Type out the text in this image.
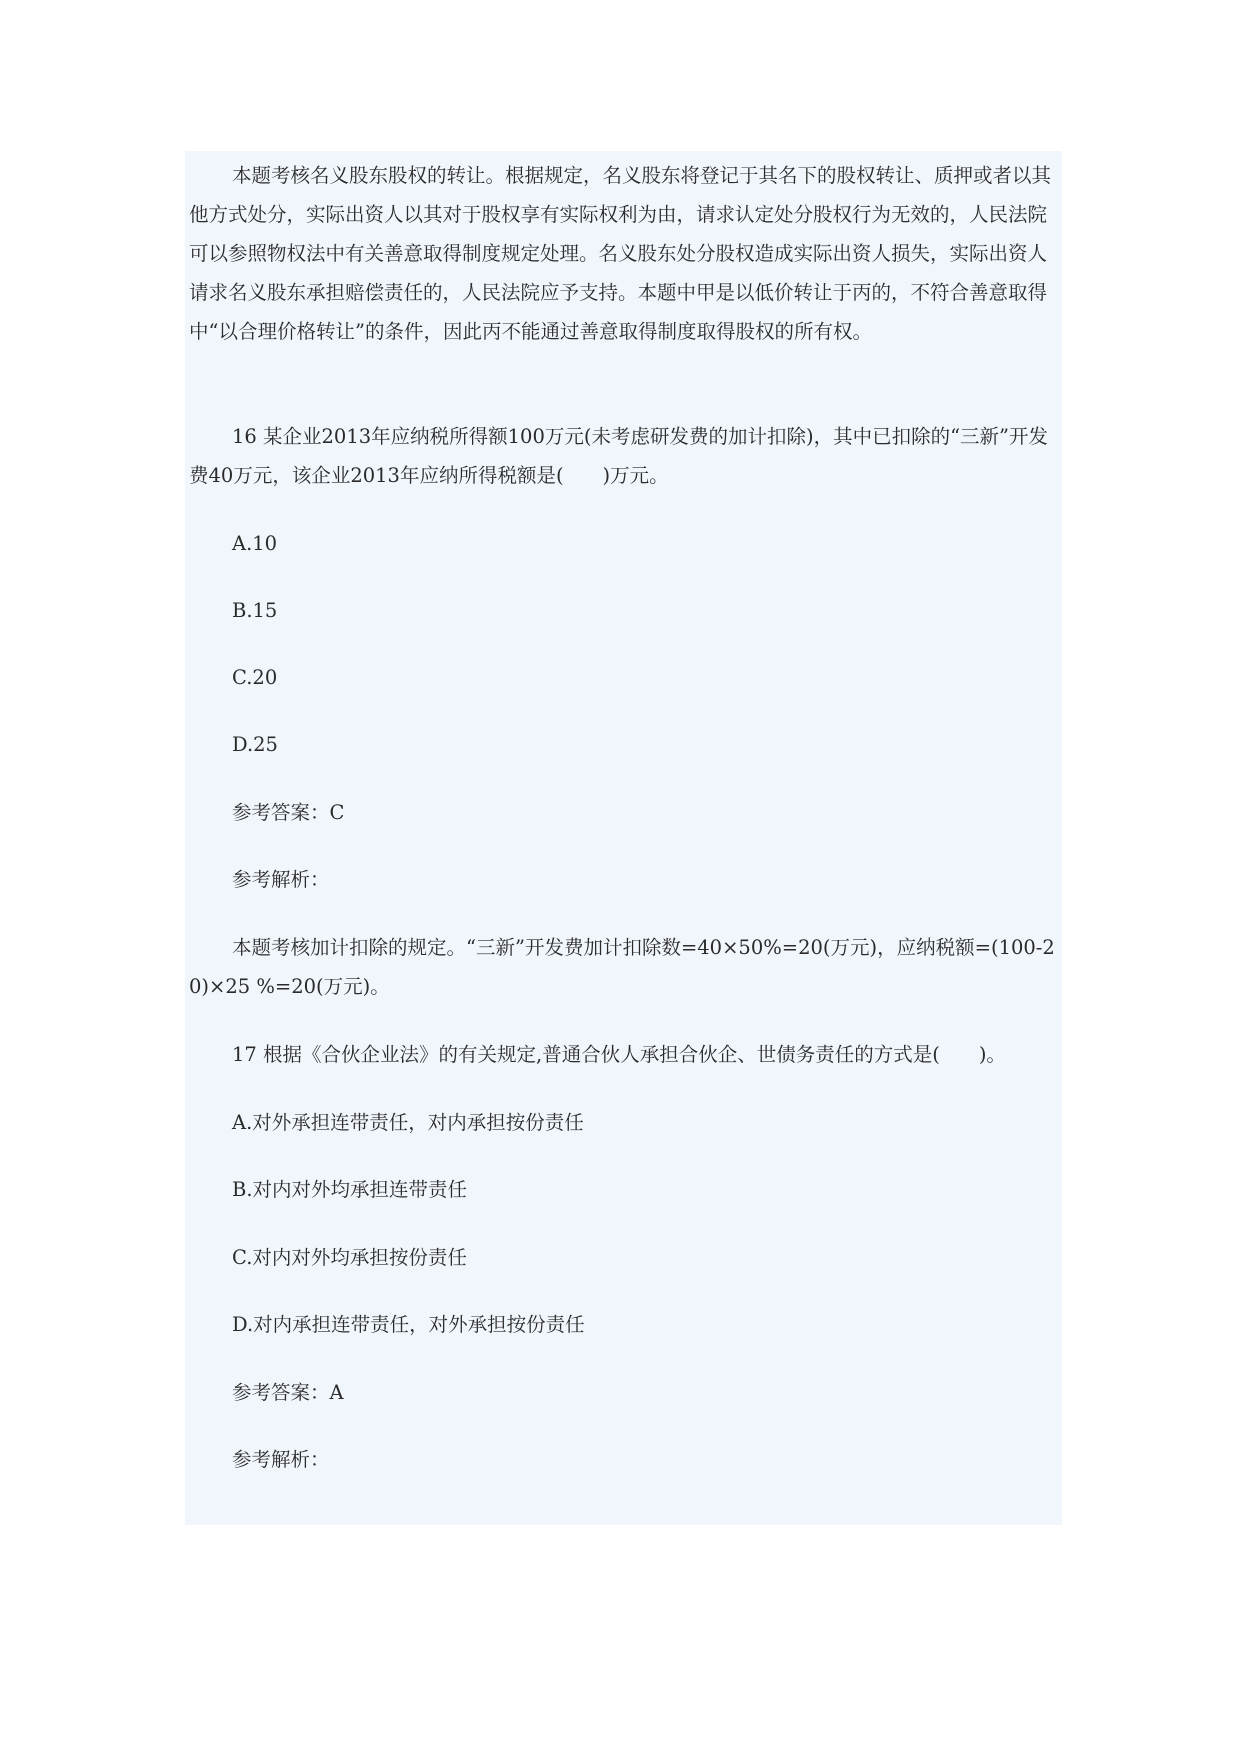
本题考核名义股东股权的转让。根据规定，名义股东将登记于其名下的股权转让、质押或者以其他方式处分，实际出资人以其对于股权享有实际权利为由，请求认定处分股权行为无效的，人民法院可以参照物权法中有关善意取得制度规定处理。名义股东处分股权造成实际出资人损失，实际出资人请求名义股东承担赔偿责任的，人民法院应予支持。本题中甲是以低价转让于丙的，不符合善意取得中“以合理价格转让”的条件，因此丙不能通过善意取得制度取得股权的所有权。

16 某企业2013年应纳税所得额100万元(未考虑研发费的加计扣除)，其中已扣除的“三新”开发费40万元，该企业2013年应纳所得税额是(　　)万元。

A.10

B.15

C.20

D.25

参考答案：C

参考解析：

本题考核加计扣除的规定。“三新”开发费加计扣除数=40×50%=20(万元)，应纳税额=(100-20)×25 %=20(万元)。

17 根据《合伙企业法》的有关规定,普通合伙人承担合伙企、世债务责任的方式是(　　)。

A.对外承担连带责任，对内承担按份责任

B.对内对外均承担连带责任

C.对内对外均承担按份责任

D.对内承担连带责任，对外承担按份责任

参考答案：A

参考解析：
